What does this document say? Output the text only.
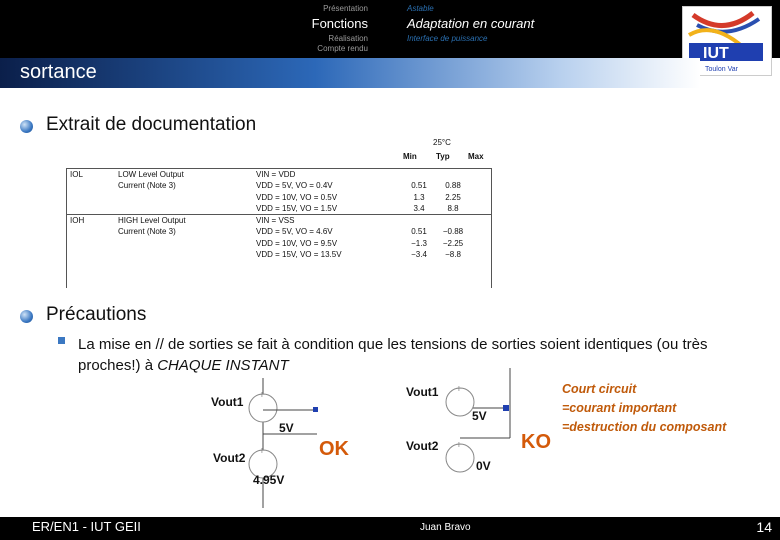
Présentation
Fonctions
Réalisation
Compte rendu
Astable
Adaptation en courant
Interface de puissance
IUT
Toulon Var
sortance
Extrait de documentation
25°C
Min Typ Max
IOL	LOW Level Output	VIN = VDD			
	Current (Note 3)	VDD = 5V, VO = 0.4V	0.51	0.88	
		VDD = 10V, VO = 0.5V	1.3	2.25	
		VDD = 15V, VO = 1.5V	3.4	8.8	
IOH	HIGH Level Output	VIN = VSS			
	Current (Note 3)	VDD = 5V, VO = 4.6V	0.51	−0.88	
		VDD = 10V, VO = 9.5V	−1.3	−2.25	
		VDD = 15V, VO = 13.5V	−3.4	−8.8	
Précautions
La mise en // de sorties se fait à condition que les tensions de sorties soient identiques (ou très proches!) à CHAQUE INSTANT
+
+
Vout1
5V
Vout2
4.95V
OK
+
+
Vout1
5V
Vout2
0V
KO
Court circuit
=courant important
=destruction du composant
ER/EN1 - IUT GEII	Juan Bravo	14
